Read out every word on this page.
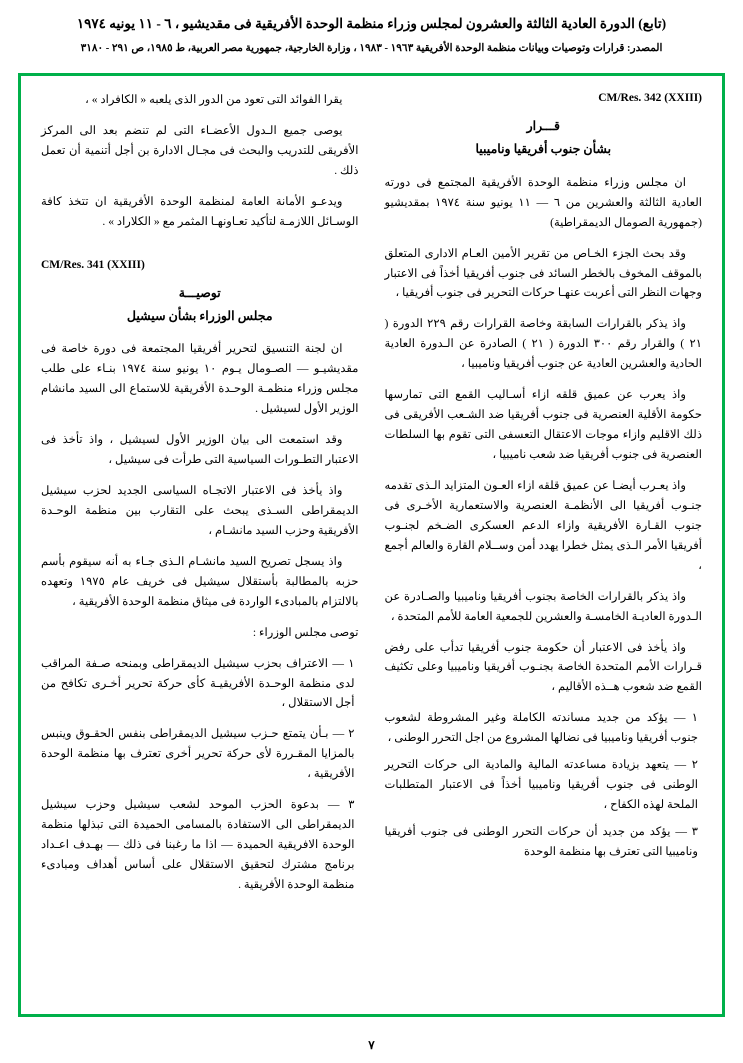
(تابع) الدورة العادية الثالثة والعشرون لمجلس وزراء منظمة الوحدة الأفريقية فى مقديشيو ، ٦ - ١١ يونيه ١٩٧٤
المصدر: قرارات وتوصيات وبيانات منظمة الوحدة الأفريقية ١٩٦٣ - ١٩٨٣ ، وزارة الخارجية، جمهورية مصر العربية، ط ١٩٨٥، ص ٢٩١ - ٣١٨٠
CM/Res. 342 (XXIII)
قـــرار
بشأن جنوب أفريقيا وناميبيا

ان مجلس وزراء منظمة الوحدة الأفريقية المجتمع فى دورته العادية الثالثة والعشرين من ٦ — ١١ يونيو سنة ١٩٧٤ بمقديشيو (جمهورية الصومال الديمقراطية)

وقد بحث الجزء الخـاص من تقرير الأمين العـام الادارى المتعلق بالموقف المخوف بالخطر السائد فى جنوب أفريقيا أخذاً فى الاعتبار وجهات النظر التى أعربت عنهـا حركات التحرير فى جنوب أفريقيا ،

واذ يذكر بالقرارات السابقة وخاصة القرارات رقم ٢٢٩ الدورة ( ٢١ ) والقرار رقم ٣٠٠ الدورة ( ٢١ ) الصادرة عن الـدورة العادية الحادية والعشرين العادية عن جنوب أفريقيا وناميبيا ،

واذ يعرب عن عميق قلقه ازاء أسـاليب القمع التى تمارسها حكومة الأقلية العنصرية فى جنوب أفريقيا ضد الشـعب الأفريقى فى ذلك الاقليم وازاء موجات الاعتقال التعسفى التى تقوم بها السلطات العنصرية فى جنوب أفريقيا ضد شعب ناميبيا ،

واذ يعـرب أيضـا عن عميق قلقه ازاء العـون المتزايد الـذى تقدمه جنـوب أفريقيا الى الأنظمـة العنصرية والاستعمارية الأخـرى فى جنوب القـارة الأفريقية وازاء الدعم العسكرى الضـخم لجنـوب أفريقيا الأمر الـذى يمثل خطرا يهدد أمن وســلام القارة والعالم أجمع ،

واذ يذكر بالقرارات الخاصة بجنوب أفريقيا وناميبيا والصـادرة عن الـدورة العاديـة الخامسـة والعشرين للجمعية العامة للأمم المتحدة ،

واذ يأخذ فى الاعتبار أن حكومة جنوب أفريقيا تدأب على رفض قـرارات الأمم المتحدة الخاصة بجنـوب أفريقيا وناميبيا وعلى تكثيف القمع ضد شعوب هــذه الأقاليم ،

١ — يؤكد من جديد مساندته الكاملة وغير المشروطة لشعوب جنوب أفريقيا وناميبيا فى نضالها المشروع من اجل التحرر الوطنى ،

٢ — يتعهد بزيادة مساعدته المالية والمادية الى حركات التحرير الوطنى فى جنوب أفريقيا وناميبيا أخذاً فى الاعتبار المتطلبات الملحة لهذه الكفاح ،

٣ — يؤكد من جديد أن حركات التحرر الوطنى فى جنوب أفريقيا وناميبيا التى تعترف بها منظمة الوحدة

يقرا الفوائد التى تعود من الدور الذى يلعبه « الكافراد » ،

يوصى جميع الـدول الأعضـاء التى لم تنضم بعد الى المركز الأفريقى للتدريب والبحث فى مجـال الادارة بن أجل أتنمية أن تعمل ذلك .

ويدعـو الأمانة العامة لمنظمة الوحدة الأفريقية ان تتخذ كافة الوسـائل اللازمـة لتأكيد تعـاونهـا المثمر مع « الكلاراد » .

CM/Res. 341 (XXIII)
توصيـــة
مجلس الوزراء بشأن سيشيل

ان لجنة التنسيق لتحرير أفريقيا المجتمعة فى دورة خاصة فى مقديشيـو — الصـومال يـوم ١٠ يونيو سنة ١٩٧٤ بنـاء على طلب مجلس وزراء منظمـة الوحـدة الأفريقية للاستماع الى السيد مانشام الوزير الأول لسيشيل .

وقد استمعت الى بيان الوزير الأول لسيشيل ، واذ تأخذ فى الاعتبار التطـورات السياسية التى طرأت فى سيشيل ،

واذ يأخذ فى الاعتبار الاتجـاه السياسى الجديد لحزب سيشيل الديمقراطى السـذى يبحث على التقارب بين منظمة الوحـدة الأفريقية وحزب السيد مانشـام ،

واذ يسجل تصريح السيد مانشـام الـذى جـاء به أنه سيقوم بأسم حزبه بالمطالبة بأستقلال سيشيل فى خريف عام ١٩٧٥ وتعهده بالالتزام بالمبادىء الواردة فى ميثاق منظمة الوحدة الأفريقية ،

توصى مجلس الوزراء :

١ — الاعتراف بحزب سيشيل الديمقراطى وبمنحه صـفة المراقب لدى منظمة الوحـدة الأفريقيـة كأى حركة تحرير أخـرى تكافح من أجل الاستقلال ،

٢ — بـأن يتمتع حـزب سيشيل الديمقراطى بنفس الحقـوق وينبس بالمزايا المقـررة لأى حركة تحرير أخرى تعترف بها منظمة الوحدة الأفريقية ،

٣ — بدعوة الحزب الموحد لشعب سيشيل وحزب سيشيل الديمقراطى الى الاستفادة بالمسامى الحميدة التى تبذلها منظمة الوحدة الافريقية الحميدة — اذا ما رغبنا فى ذلك — بهـدف اعـداد برنامج مشترك لتحقيق الاستقلال على أساس أهداف ومبادىء منظمة الوحدة الأفريقية .

٧
